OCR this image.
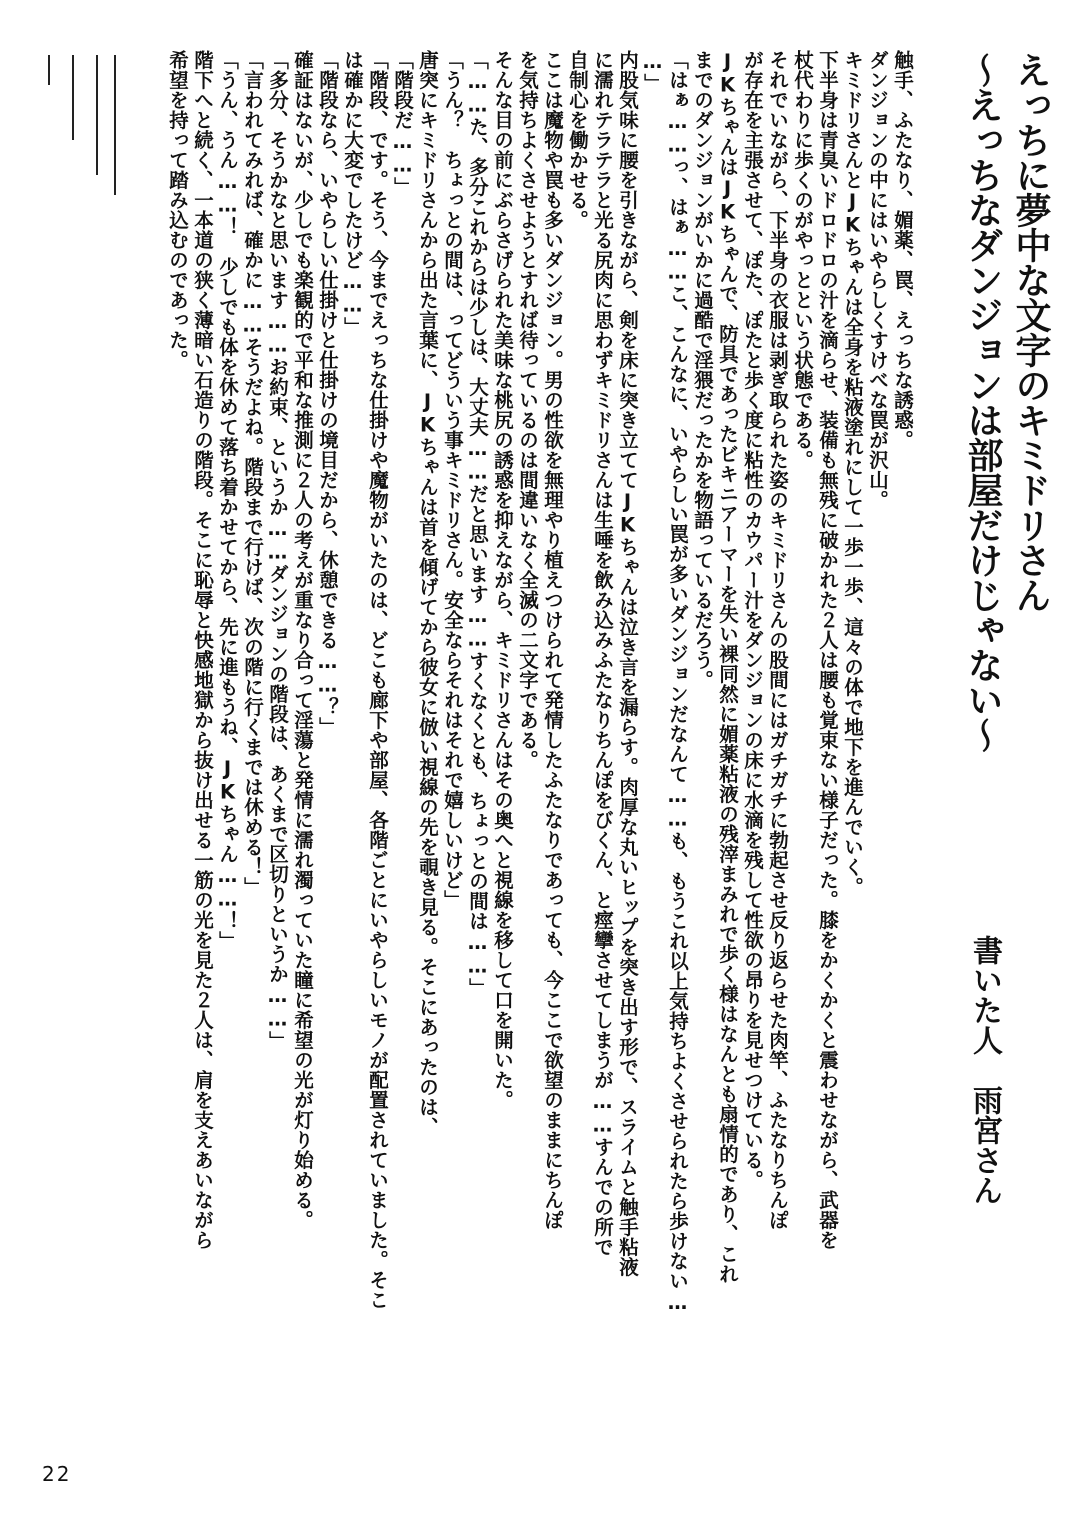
えっちに夢中な文字のキミドリさん
～えっちなダンジョンは部屋だけじゃない～
書いた人　雨宮さん
触手、ふたなり、媚薬、罠、えっちな誘惑。
ダンジョンの中にはいやらしくすけべな罠が沢山。
キミドリさんとJKちゃんは全身を粘液塗れにして一歩一歩、這々の体で地下を進んでいく。
下半身は青臭いドロドロの汁を滴らせ、装備も無残に破かれた２人は腰も覚束ない様子だった。膝をかくかくと震わせながら、武器を
杖代わりに歩くのがやっとという状態である。
それでいながら、下半身の衣服は剥ぎ取られた姿のキミドリさんの股間にはガチガチに勃起させ反り返らせた肉竿、ふたなりちんぽ
が存在を主張させて、ぽた、ぽたと歩く度に粘性のカウパー汁をダンジョンの床に水滴を残して性欲の昂りを見せつけている。
JKちゃんはJKちゃんで、防具であったビキニアーマーを失い裸同然に媚薬粘液の残滓まみれで歩く様はなんとも扇情的であり、これ
までのダンジョンがいかに過酷で淫猥だったかを物語っているだろう。
「はぁ……っ、はぁ……こ、こんなに、いやらしい罠が多いダンジョンだなんて……も、もうこれ以上気持ちよくさせられたら歩けない…
…」
内股気味に腰を引きながら、剣を床に突き立ててJKちゃんは泣き言を漏らす。肉厚な丸いヒップを突き出す形で、スライムと触手粘液
に濡れテラテラと光る尻肉に思わずキミドリさんは生唾を飲み込みふたなりちんぽをびくん、と痙攣させてしまうが……すんでの所で
自制心を働かせる。
ここは魔物や罠も多いダンジョン。男の性欲を無理やり植えつけられて発情したふたなりであっても、今ここで欲望のままにちんぽ
を気持ちよくさせようとすれば待っているのは間違いなく全滅の二文字である。
そんな目の前にぶらさげられた美味な桃尻の誘惑を抑えながら、キミドリさんはその奥へと視線を移して口を開いた。
「……た、多分これからは少しは、大丈夫……だと思います……すくなくとも、ちょっとの間は……」
「うん？　ちょっとの間は、ってどういう事キミドリさん。安全ならそれはそれで嬉しいけど」
唐突にキミドリさんから出た言葉に、JKちゃんは首を傾げてから彼女に倣い視線の先を覗き見る。そこにあったのは、
「階段だ……」
「階段、です。そう、今までえっちな仕掛けや魔物がいたのは、どこも廊下や部屋、各階ごとにいやらしいモノが配置されていました。そこ
は確かに大変でしたけど……」
「階段なら、いやらしい仕掛けと仕掛けの境目だから、休憩できる……？」
確証はないが、少しでも楽観的で平和な推測に２人の考えが重なり合って淫蕩と発情に濡れ濁っていた瞳に希望の光が灯り始める。
「多分、そうかなと思います……お約束、というか……ダンジョンの階段は、あくまで区切りというか……」
「言われてみれば、確かに……そうだよね。階段まで行けば、次の階に行くまでは休める！」
「うん、うん……！　少しでも体を休めて落ち着かせてから、先に進もうね、JKちゃん……！」
階下へと続く、一本道の狭く薄暗い石造りの階段。そこに恥辱と快感地獄から抜け出せる一筋の光を見た２人は、肩を支えあいながら
希望を持って踏み込むのであった。
22
